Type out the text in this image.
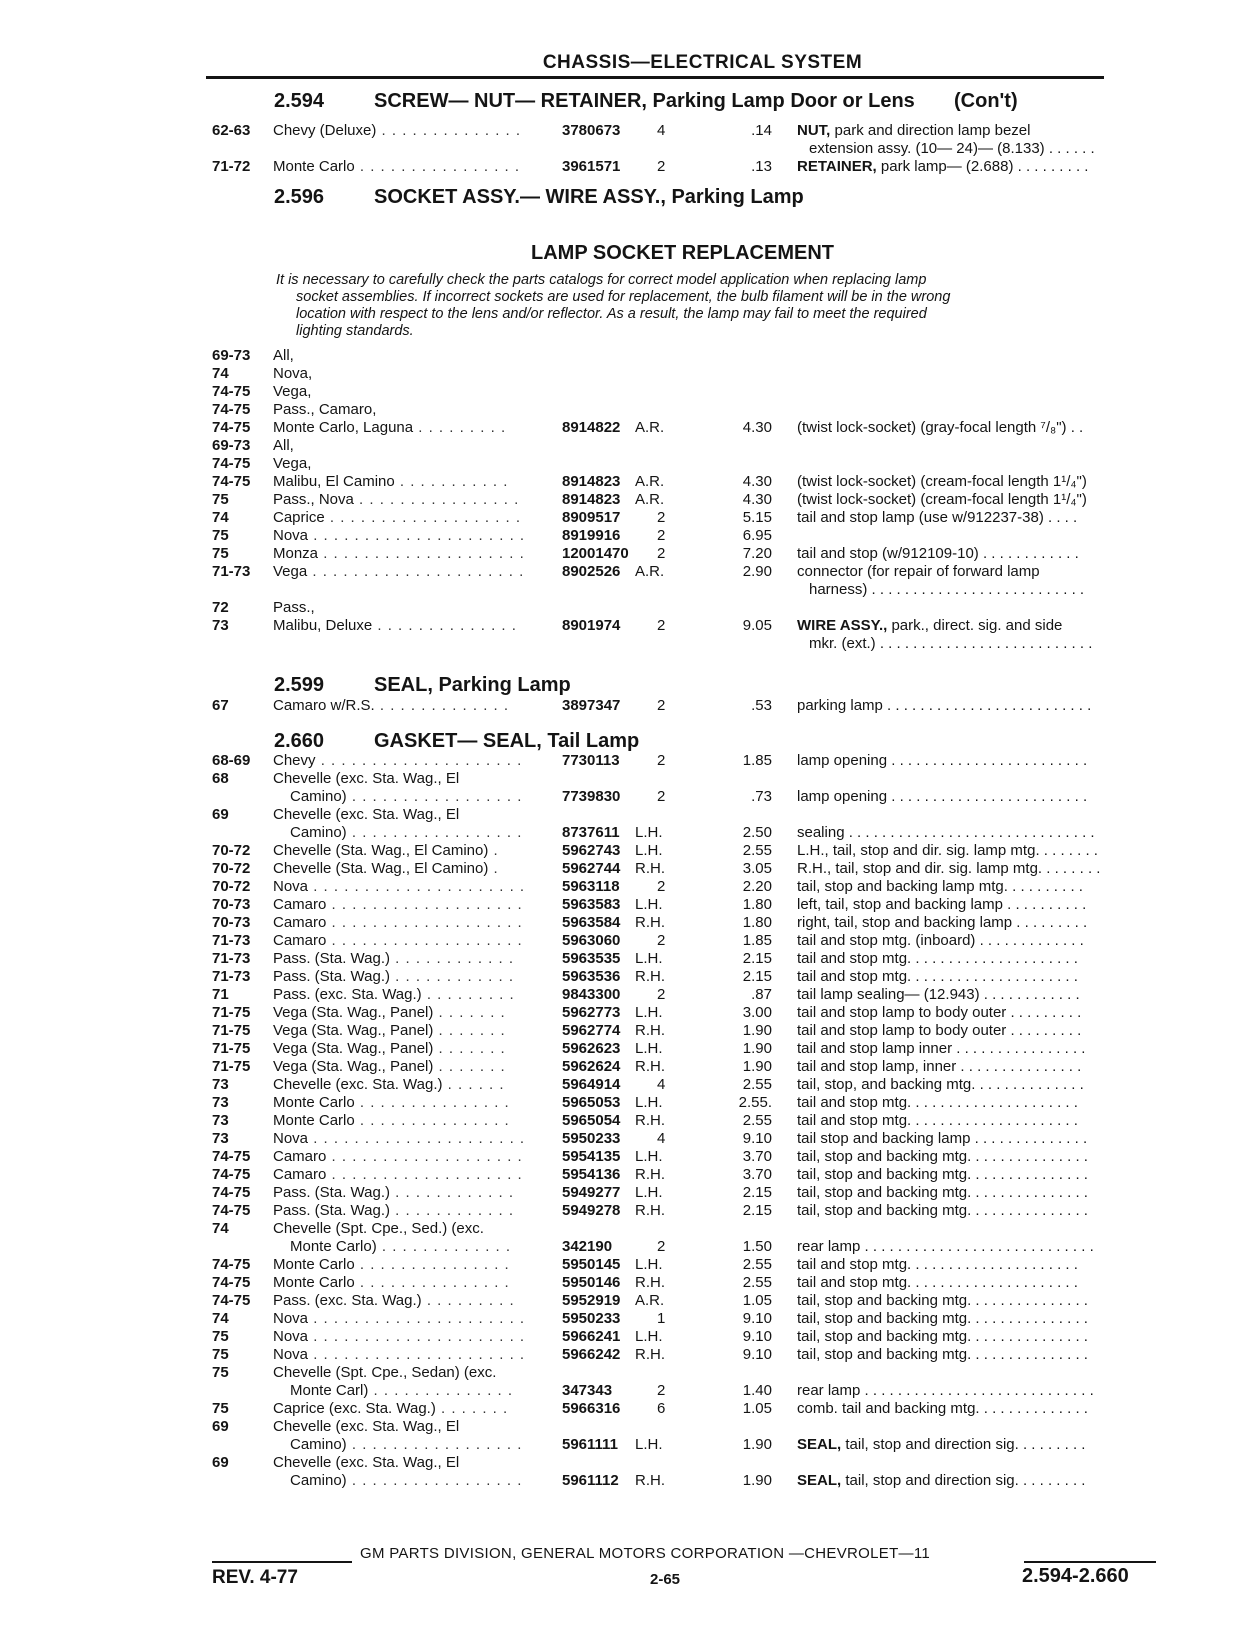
CHASSIS—ELECTRICAL SYSTEM
2.594 SCREW— NUT— RETAINER, Parking Lamp Door or Lens (Con't)
62-63 Chevy (Deluxe) . . . . . . . . . . . . . .	3780673	4	.14 NUT, park and direction lamp bezel
extension assy. (10— 24)— (8.133) . . . . . .
71-72 Monte Carlo . . . . . . . . . . . . . . . .	3961571	2	.13 RETAINER, park lamp— (2.688) . . . . . . . . .
2.596 SOCKET ASSY.— WIRE ASSY., Parking Lamp
LAMP SOCKET REPLACEMENT
It is necessary to carefully check the parts catalogs for correct model application when replacing lamp
socket assemblies. If incorrect sockets are used for replacement, the bulb filament will be in the wrong
location with respect to the lens and/or reflector. As a result, the lamp may fail to meet the required
lighting standards.
69-73 All,
74	Nova,
74-75 Vega,
74-75 Pass., Camaro,
74-75 Monte Carlo, Laguna . . . . . . . . .	8914822 A.R.	4.30 (twist lock-socket) (gray-focal length ⁷/₈") . .
69-73 All,
74-75 Vega,
74-75 Malibu, El Camino . . . . . . . . . . .	8914823 A.R.	4.30 (twist lock-socket) (cream-focal length 1¹/₄")
75	Pass., Nova . . . . . . . . . . . . . . . .	8914823 A.R.	4.30 (twist lock-socket) (cream-focal length 1¹/₄")
74	Caprice . . . . . . . . . . . . . . . . . . .	8909517	2	5.15 tail and stop lamp (use w/912237-38) . . . .
75	Nova . . . . . . . . . . . . . . . . . . . . .	8919916	2	6.95
75	Monza . . . . . . . . . . . . . . . . . . . .	12001470	2	7.20 tail and stop (w/912109-10) . . . . . . . . . . . .
71-73 Vega . . . . . . . . . . . . . . . . . . . . .	8902526 A.R.	2.90 connector (for repair of forward lamp
harness) . . . . . . . . . . . . . . . . . . . . . . . . . .
72	Pass.,
73	Malibu, Deluxe . . . . . . . . . . . . . .	8901974	2	9.05 WIRE ASSY., park., direct. sig. and side
mkr. (ext.) . . . . . . . . . . . . . . . . . . . . . . . . . .
2.599 SEAL, Parking Lamp
67	Camaro w/R.S. . . . . . . . . . . . . .	3897347	2	.53 parking lamp . . . . . . . . . . . . . . . . . . . . . . . . .
2.660 GASKET— SEAL, Tail Lamp
68-69 Chevy . . . . . . . . . . . . . . . . . . . .	7730113	2	1.85 lamp opening . . . . . . . . . . . . . . . . . . . . . . . .
68	Chevelle (exc. Sta. Wag., El
Camino) . . . . . . . . . . . . . . . . .	7739830	2	.73 lamp opening . . . . . . . . . . . . . . . . . . . . . . . .
69	Chevelle (exc. Sta. Wag., El
Camino) . . . . . . . . . . . . . . . . .	8737611	L.H.	2.50 sealing . . . . . . . . . . . . . . . . . . . . . . . . . . . . . .
70-72 Chevelle (Sta. Wag., El Camino) .	5962743 L.H.	2.55 L.H., tail, stop and dir. sig. lamp mtg. . . . . . . .
70-72 Chevelle (Sta. Wag., El Camino) .	5962744 R.H.	3.05 R.H., tail, stop and dir. sig. lamp mtg. . . . . . . .
70-72 Nova . . . . . . . . . . . . . . . . . . . . .	5963118	2	2.20 tail, stop and backing lamp mtg. . . . . . . . . .
70-73 Camaro . . . . . . . . . . . . . . . . . . .	5963583 L.H.	1.80 left, tail, stop and backing lamp . . . . . . . . . .
70-73 Camaro . . . . . . . . . . . . . . . . . . .	5963584 R.H.	1.80 right, tail, stop and backing lamp . . . . . . . . .
71-73 Camaro . . . . . . . . . . . . . . . . . . .	5963060	2	1.85 tail and stop mtg. (inboard) . . . . . . . . . . . . .
71-73 Pass. (Sta. Wag.) . . . . . . . . . . . .	5963535 L.H.	2.15 tail and stop mtg. . . . . . . . . . . . . . . . . . . . .
71-73 Pass. (Sta. Wag.) . . . . . . . . . . . .	5963536 R.H.	2.15 tail and stop mtg. . . . . . . . . . . . . . . . . . . . .
71	Pass. (exc. Sta. Wag.) . . . . . . . . .	9843300	2	.87 tail lamp sealing— (12.943) . . . . . . . . . . . .
71-75 Vega (Sta. Wag., Panel) . . . . . . .	5962773 L.H.	3.00 tail and stop lamp to body outer . . . . . . . . .
71-75 Vega (Sta. Wag., Panel) . . . . . . .	5962774 R.H.	1.90 tail and stop lamp to body outer . . . . . . . . .
71-75 Vega (Sta. Wag., Panel) . . . . . . .	5962623 L.H.	1.90 tail and stop lamp inner . . . . . . . . . . . . . . . .
71-75 Vega (Sta. Wag., Panel) . . . . . . .	5962624 R.H.	1.90 tail and stop lamp, inner . . . . . . . . . . . . . . .
73	Chevelle (exc. Sta. Wag.) . . . . . .	5964914	4	2.55 tail, stop, and backing mtg. . . . . . . . . . . . . .
73	Monte Carlo . . . . . . . . . . . . . . .	5965053 L.H.	2.55. tail and stop mtg. . . . . . . . . . . . . . . . . . . . .
73	Monte Carlo . . . . . . . . . . . . . . .	5965054 R.H.	2.55 tail and stop mtg. . . . . . . . . . . . . . . . . . . . .
73	Nova . . . . . . . . . . . . . . . . . . . . .	5950233	4	9.10 tail stop and backing lamp . . . . . . . . . . . . . .
74-75 Camaro . . . . . . . . . . . . . . . . . . .	5954135 L.H.	3.70 tail, stop and backing mtg. . . . . . . . . . . . . . .
74-75 Camaro . . . . . . . . . . . . . . . . . . .	5954136 R.H.	3.70 tail, stop and backing mtg. . . . . . . . . . . . . . .
74-75 Pass. (Sta. Wag.) . . . . . . . . . . . .	5949277 L.H.	2.15 tail, stop and backing mtg. . . . . . . . . . . . . . .
74-75 Pass. (Sta. Wag.) . . . . . . . . . . . .	5949278 R.H.	2.15 tail, stop and backing mtg. . . . . . . . . . . . . . .
74	Chevelle (Spt. Cpe., Sed.) (exc.
Monte Carlo) . . . . . . . . . . . . .	342190	2	1.50 rear lamp . . . . . . . . . . . . . . . . . . . . . . . . . . . .
74-75 Monte Carlo . . . . . . . . . . . . . . .	5950145 L.H.	2.55 tail and stop mtg. . . . . . . . . . . . . . . . . . . . .
74-75 Monte Carlo . . . . . . . . . . . . . . .	5950146 R.H.	2.55 tail and stop mtg. . . . . . . . . . . . . . . . . . . . .
74-75 Pass. (exc. Sta. Wag.) . . . . . . . . .	5952919 A.R.	1.05 tail, stop and backing mtg. . . . . . . . . . . . . . .
74	Nova . . . . . . . . . . . . . . . . . . . . .	5950233	1	9.10 tail, stop and backing mtg. . . . . . . . . . . . . . .
75	Nova . . . . . . . . . . . . . . . . . . . . .	5966241 L.H.	9.10 tail, stop and backing mtg. . . . . . . . . . . . . . .
75	Nova . . . . . . . . . . . . . . . . . . . . .	5966242 R.H.	9.10 tail, stop and backing mtg. . . . . . . . . . . . . . .
75	Chevelle (Spt. Cpe., Sedan) (exc.
Monte Carl) . . . . . . . . . . . . . .	347343	2	1.40 rear lamp . . . . . . . . . . . . . . . . . . . . . . . . . . . .
75	Caprice (exc. Sta. Wag.) . . . . . . .	5966316	6	1.05 comb. tail and backing mtg. . . . . . . . . . . . . .
69	Chevelle (exc. Sta. Wag., El
Camino) . . . . . . . . . . . . . . . . .	5961111	L.H.	1.90 SEAL, tail, stop and direction sig. . . . . . . . .
69	Chevelle (exc. Sta. Wag., El
Camino) . . . . . . . . . . . . . . . . .	5961112	R.H.	1.90 SEAL, tail, stop and direction sig. . . . . . . . .
GM PARTS DIVISION, GENERAL MOTORS CORPORATION —CHEVROLET—11
REV. 4-77	2-65	2.594-2.660
